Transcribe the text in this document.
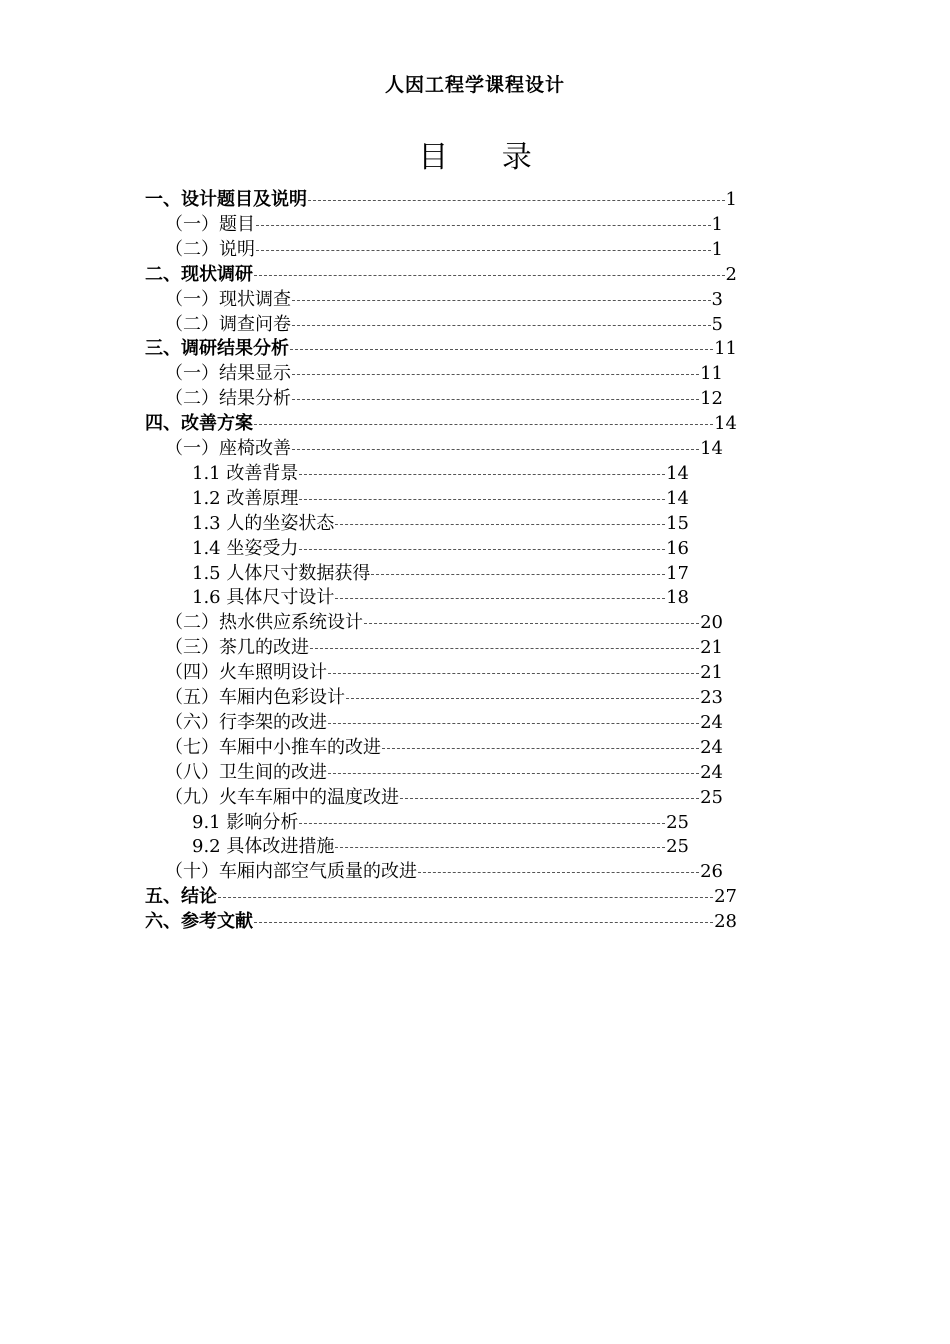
人因工程学课程设计
目 录
一、设计题目及说明	1
（一）题目	1
（二）说明	1
二、现状调研	2
（一）现状调查	3
（二）调查问卷	5
三、调研结果分析	11
（一）结果显示	11
（二）结果分析	12
四、改善方案	14
（一）座椅改善	14
1.1 改善背景	14
1.2 改善原理	14
1.3 人的坐姿状态	15
1.4 坐姿受力	16
1.5 人体尺寸数据获得	17
1.6 具体尺寸设计	18
（二）热水供应系统设计	20
（三）茶几的改进	21
（四）火车照明设计	21
（五）车厢内色彩设计	23
（六）行李架的改进	24
（七）车厢中小推车的改进	24
（八）卫生间的改进	24
（九）火车车厢中的温度改进	25
9.1 影响分析	25
9.2 具体改进措施	25
（十）车厢内部空气质量的改进	26
五、结论	27
六、参考文献	28
